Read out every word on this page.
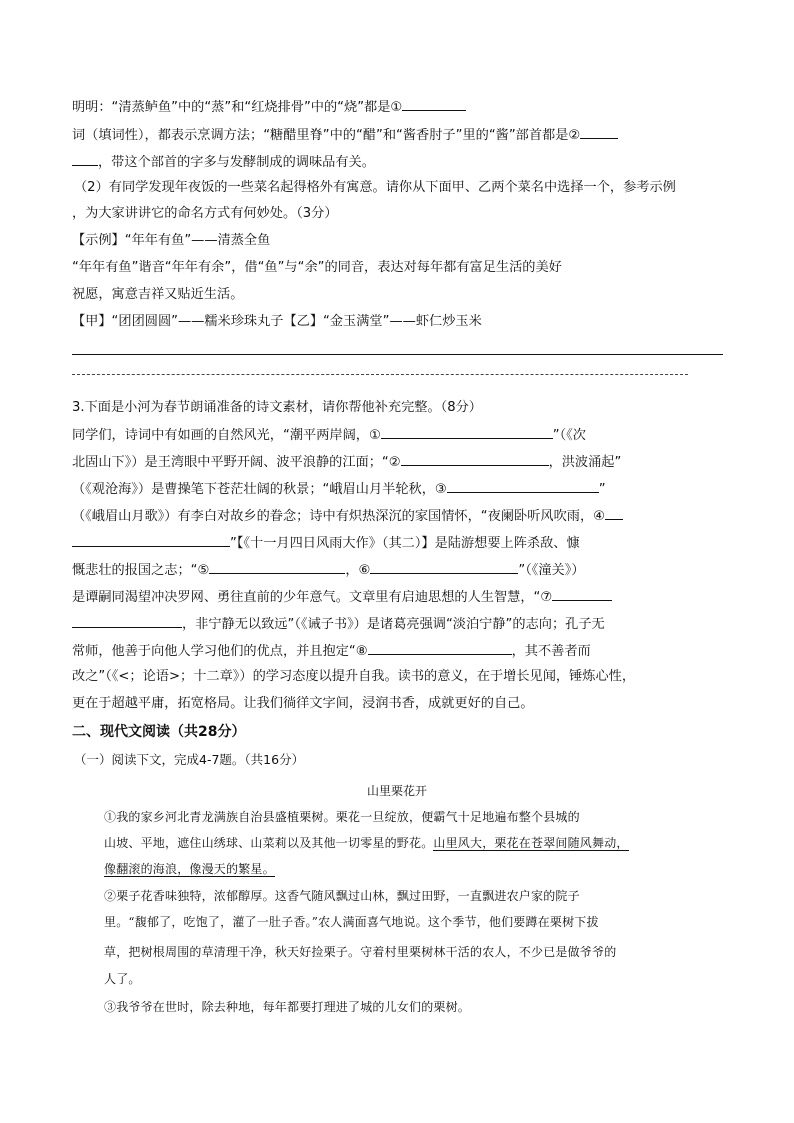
明明：“清蒸鲈鱼”中的“蒸”和“红烧排骨”中的“烧”都是①
词（填词性），都表示烹调方法；“糖醋里脊”中的“醋”和“酱香肘子”里的“酱”部首都是②
，带这个部首的字多与发酵制成的调味品有关。
（2）有同学发现年夜饭的一些菜名起得格外有寓意。请你从下面甲、乙两个菜名中选择一个，参考示例
，为大家讲讲它的命名方式有何妙处。（3分）
【示例】“年年有鱼”——清蒸全鱼
“年年有鱼”谐音“年年有余”，借“鱼”与“余”的同音，表达对每年都有富足生活的美好
祝愿，寓意吉祥又贴近生活。
【甲】“团团圆圆”——糯米珍珠丸子【乙】“金玉满堂”——虾仁炒玉米
3.下面是小河为春节朗诵准备的诗文素材，请你帮他补充完整。（8分）
同学们，诗词中有如画的自然风光，“潮平两岸阔，①	”（《次
北固山下》）是王湾眼中平野开阔、波平浪静的江面；“②	，洪波涌起”
（《观沧海》）是曹操笔下苍茫壮阔的秋景；“峨眉山月半轮秋，③	”
（《峨眉山月歌》）有李白对故乡的眷念；诗中有炽热深沉的家国情怀，“夜阑卧听风吹雨，④
”【《十一月四日风雨大作》（其二）】是陆游想要上阵杀敌、慷
慨悲壮的报国之志；“⑤	，⑥	”（《潼关》）
是谭嗣同渴望冲决罗网、勇往直前的少年意气。文章里有启迪思想的人生智慧，“⑦
，非宁静无以致远”（《诫子书》）是诸葛亮强调“淡泊宁静”的志向；孔子无
常师，他善于向他人学习他们的优点，并且抱定“⑧	，其不善者而
改之”（《<；论语>；十二章》）的学习态度以提升自我。读书的意义，在于增长见闻，锤炼心性，
更在于超越平庸，拓宽格局。让我们徜徉文字间，浸润书香，成就更好的自己。
二、现代文阅读（共28分）
（一）阅读下文，完成4-7题。（共16分）
山里栗花开
①我的家乡河北青龙满族自治县盛植栗树。栗花一旦绽放，便霸气十足地遍布整个县城的
山坡、平地，遮住山绣球、山菜莉以及其他一切零星的野花。山里风大，栗花在苍翠间随风舞动，
像翻滚的海浪，像漫天的繁星。
②栗子花香味独特，浓郁醇厚。这香气随风飘过山林，飘过田野，一直飘进农户家的院子
里。“馥郁了，吃饱了，灌了一肚子香。”农人满面喜气地说。这个季节，他们要蹲在栗树下拔
草，把树根周围的草清理干净，秋天好捡栗子。守着村里栗树林干活的农人，不少已是做爷爷的
人了。
③我爷爷在世时，除去种地，每年都要打理进了城的儿女们的栗树。
